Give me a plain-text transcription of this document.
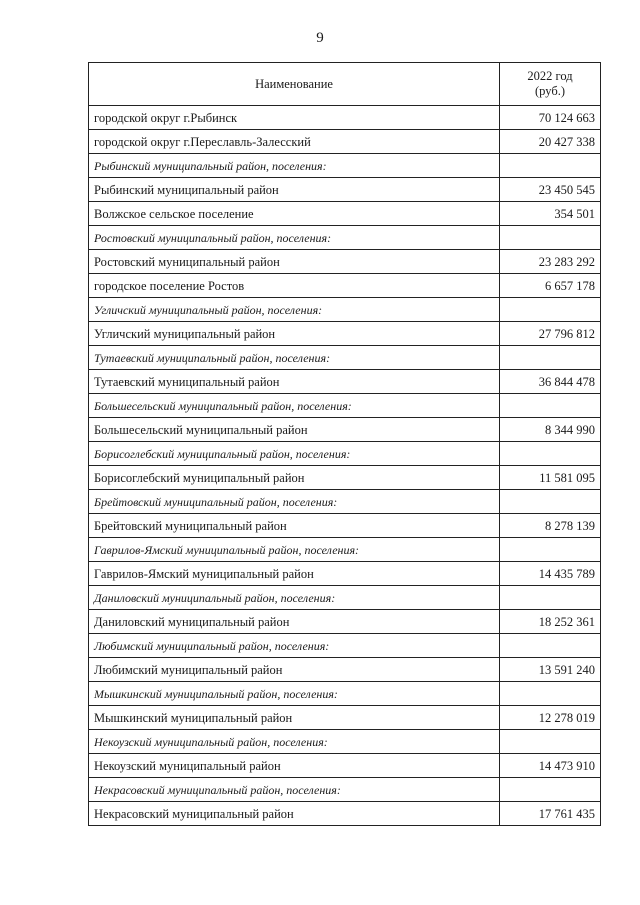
9
Наименование	2022 год
(руб.)
городской округ г.Рыбинск	70 124 663
городской округ г.Переславль-Залесский	20 427 338
Рыбинский муниципальный район, поселения:	
Рыбинский муниципальный район	23 450 545
Волжское сельское поселение	354 501
Ростовский муниципальный район, поселения:	
Ростовский муниципальный район	23 283 292
городское поселение Ростов	6 657 178
Угличский муниципальный район, поселения:	
Угличский муниципальный район	27 796 812
Тутаевский муниципальный район, поселения:	
Тутаевский муниципальный район	36 844 478
Большесельский муниципальный район, поселения:	
Большесельский муниципальный район	8 344 990
Борисоглебский муниципальный район, поселения:	
Борисоглебский муниципальный район	11 581 095
Брейтовский муниципальный район, поселения:	
Брейтовский муниципальный район	8 278 139
Гаврилов-Ямский муниципальный район, поселения:	
Гаврилов-Ямский муниципальный район	14 435 789
Даниловский муниципальный район, поселения:	
Даниловский муниципальный район	18 252 361
Любимский муниципальный район, поселения:	
Любимский муниципальный район	13 591 240
Мышкинский муниципальный район, поселения:	
Мышкинский муниципальный район	12 278 019
Некоузский муниципальный район, поселения:	
Некоузский муниципальный район	14 473 910
Некрасовский муниципальный район, поселения:	
Некрасовский муниципальный район	17 761 435
